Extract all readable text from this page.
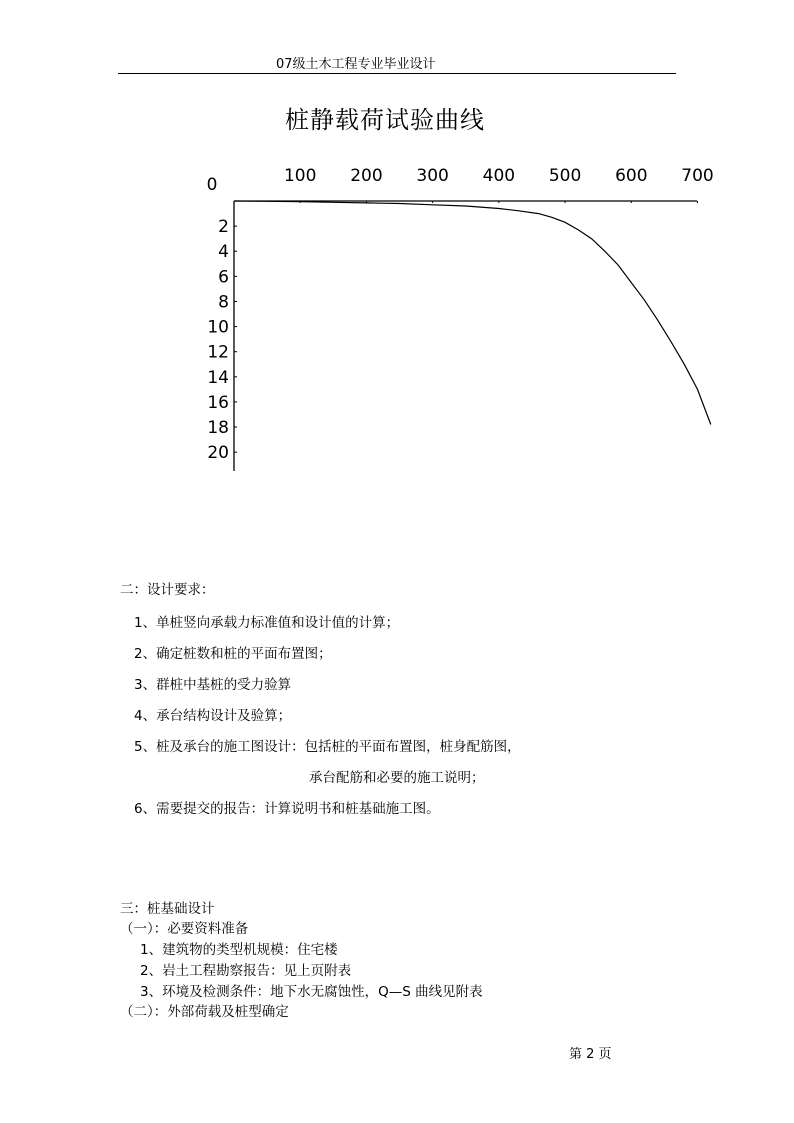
07级土木工程专业毕业设计
桩静载荷试验曲线
0	100 200 300 400 500 600 700
2
4
6
8
10
12
14
16
18
20
二：设计要求：
1、单桩竖向承载力标准值和设计值的计算；
2、确定桩数和桩的平面布置图；
3、群桩中基桩的受力验算
4、承台结构设计及验算；
5、桩及承台的施工图设计：包括桩的平面布置图，桩身配筋图，
承台配筋和必要的施工说明；
6、需要提交的报告：计算说明书和桩基础施工图。
三：桩基础设计
（一）：必要资料准备
1、建筑物的类型机规模：住宅楼
2、岩土工程勘察报告：见上页附表
3、环境及检测条件：地下水无腐蚀性，Q—S 曲线见附表
（二）：外部荷载及桩型确定
第 2 页
